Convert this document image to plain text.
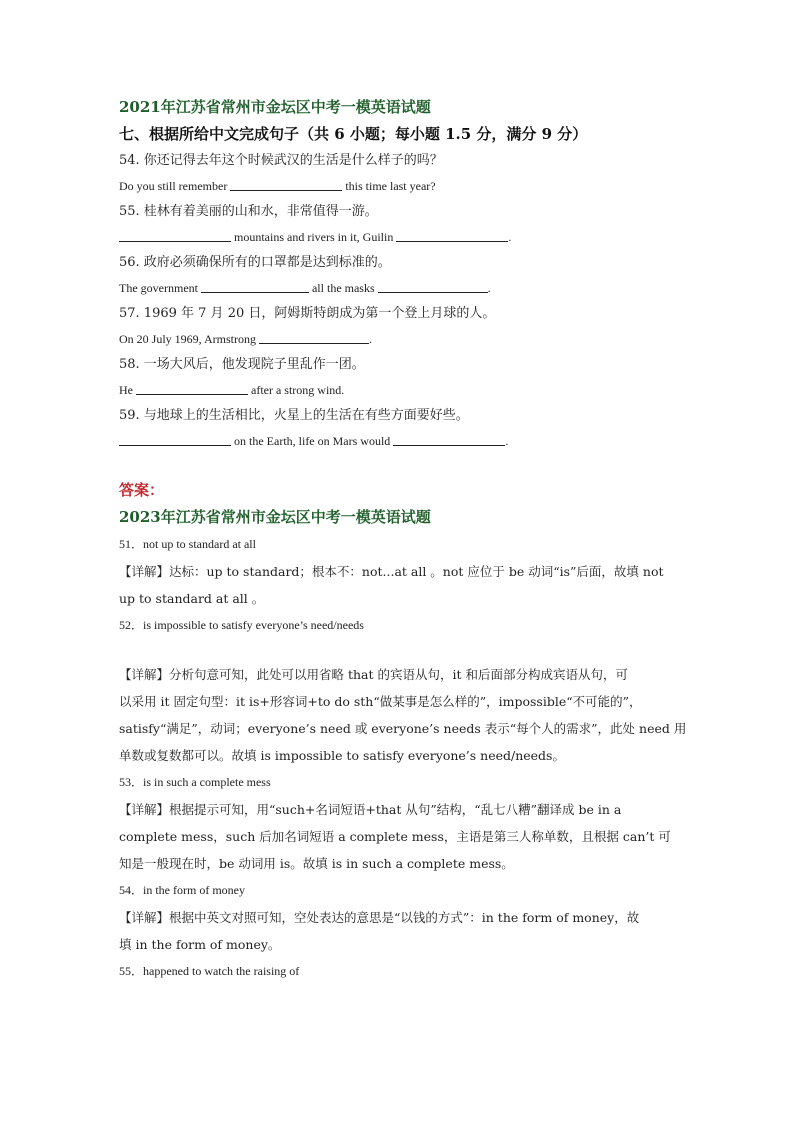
2021年江苏省常州市金坛区中考一模英语试题
七、根据所给中文完成句子（共 6 小题；每小题 1.5 分，满分 9 分）
54. 你还记得去年这个时候武汉的生活是什么样子的吗？
Do you still remember	this time last year?
55. 桂林有着美丽的山和水，非常值得一游。
mountains and rivers in it, Guilin	.
56. 政府必须确保所有的口罩都是达到标准的。
The government	all the masks	.
57. 1969 年 7 月 20 日，阿姆斯特朗成为第一个登上月球的人。
On 20 July 1969, Armstrong	.
58. 一场大风后，他发现院子里乱作一团。
He	after a strong wind.
59. 与地球上的生活相比，火星上的生活在有些方面要好些。
on the Earth, life on Mars would	.
答案：
2023年江苏省常州市金坛区中考一模英语试题
51．not up to standard at all
【详解】达标：up to standard；根本不：not...at all 。not 应位于 be 动词“is”后面，故填 not
up to standard at all 。
52．is impossible to satisfy everyone’s need/needs
【详解】分析句意可知，此处可以用省略 that 的宾语从句，it 和后面部分构成宾语从句，可
以采用 it 固定句型：it is+形容词+to do sth“做某事是怎么样的”，impossible“不可能的”，
satisfy“满足”，动词；everyone’s need 或 everyone’s needs 表示“每个人的需求”，此处 need 用
单数或复数都可以。故填 is impossible to satisfy everyone’s need/needs。
53．is in such a complete mess
【详解】根据提示可知，用“such+名词短语+that 从句”结构，“乱七八糟”翻译成 be in a
complete mess，such 后加名词短语 a complete mess，主语是第三人称单数，且根据 can’t 可
知是一般现在时，be 动词用 is。故填 is in such a complete mess。
54．in the form of money
【详解】根据中英文对照可知，空处表达的意思是“以钱的方式”：in the form of money，故
填 in the form of money。
55．happened to watch the raising of
